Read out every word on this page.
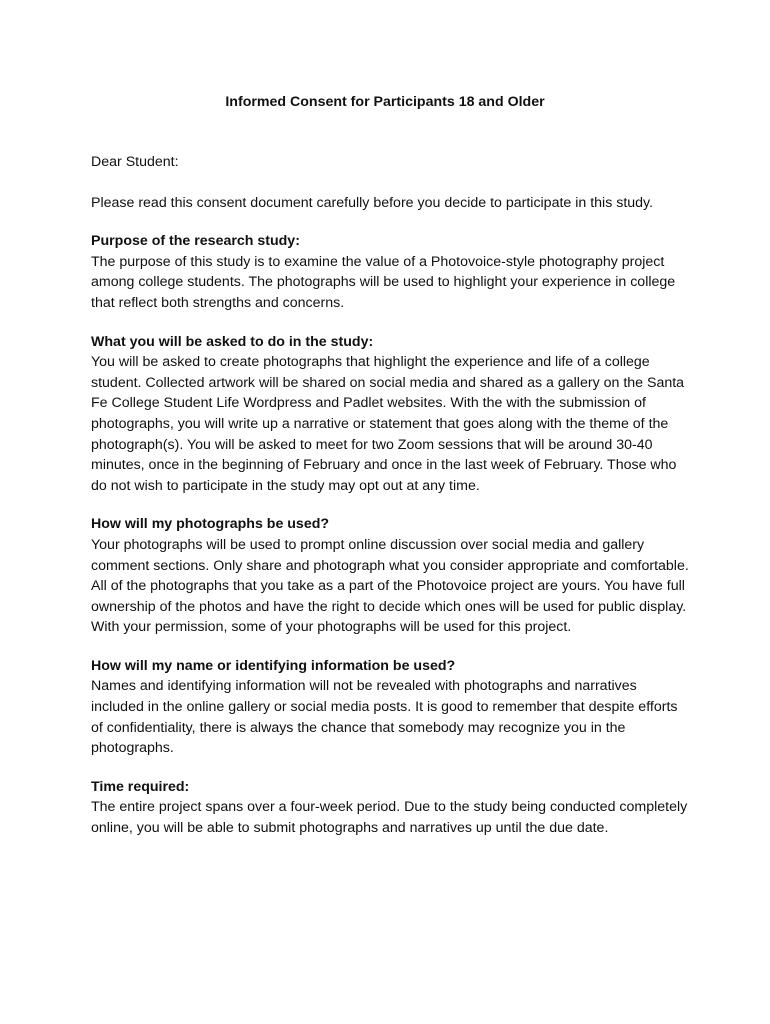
Informed Consent for Participants 18 and Older

Dear Student:

Please read this consent document carefully before you decide to participate in this study.

Purpose of the research study:
The purpose of this study is to examine the value of a Photovoice-style photography project among college students. The photographs will be used to highlight your experience in college that reflect both strengths and concerns.
What you will be asked to do in the study:
You will be asked to create photographs that highlight the experience and life of a college student. Collected artwork will be shared on social media and shared as a gallery on the Santa Fe College Student Life Wordpress and Padlet websites. With the with the submission of photographs, you will write up a narrative or statement that goes along with the theme of the photograph(s). You will be asked to meet for two Zoom sessions that will be around 30-40 minutes, once in the beginning of February and once in the last week of February. Those who do not wish to participate in the study may opt out at any time.
How will my photographs be used?
Your photographs will be used to prompt online discussion over social media and gallery comment sections. Only share and photograph what you consider appropriate and comfortable. All of the photographs that you take as a part of the Photovoice project are yours. You have full ownership of the photos and have the right to decide which ones will be used for public display. With your permission, some of your photographs will be used for this project.
How will my name or identifying information be used?
Names and identifying information will not be revealed with photographs and narratives included in the online gallery or social media posts. It is good to remember that despite efforts of confidentiality, there is always the chance that somebody may recognize you in the photographs.
Time required:
The entire project spans over a four-week period. Due to the study being conducted completely online, you will be able to submit photographs and narratives up until the due date.
